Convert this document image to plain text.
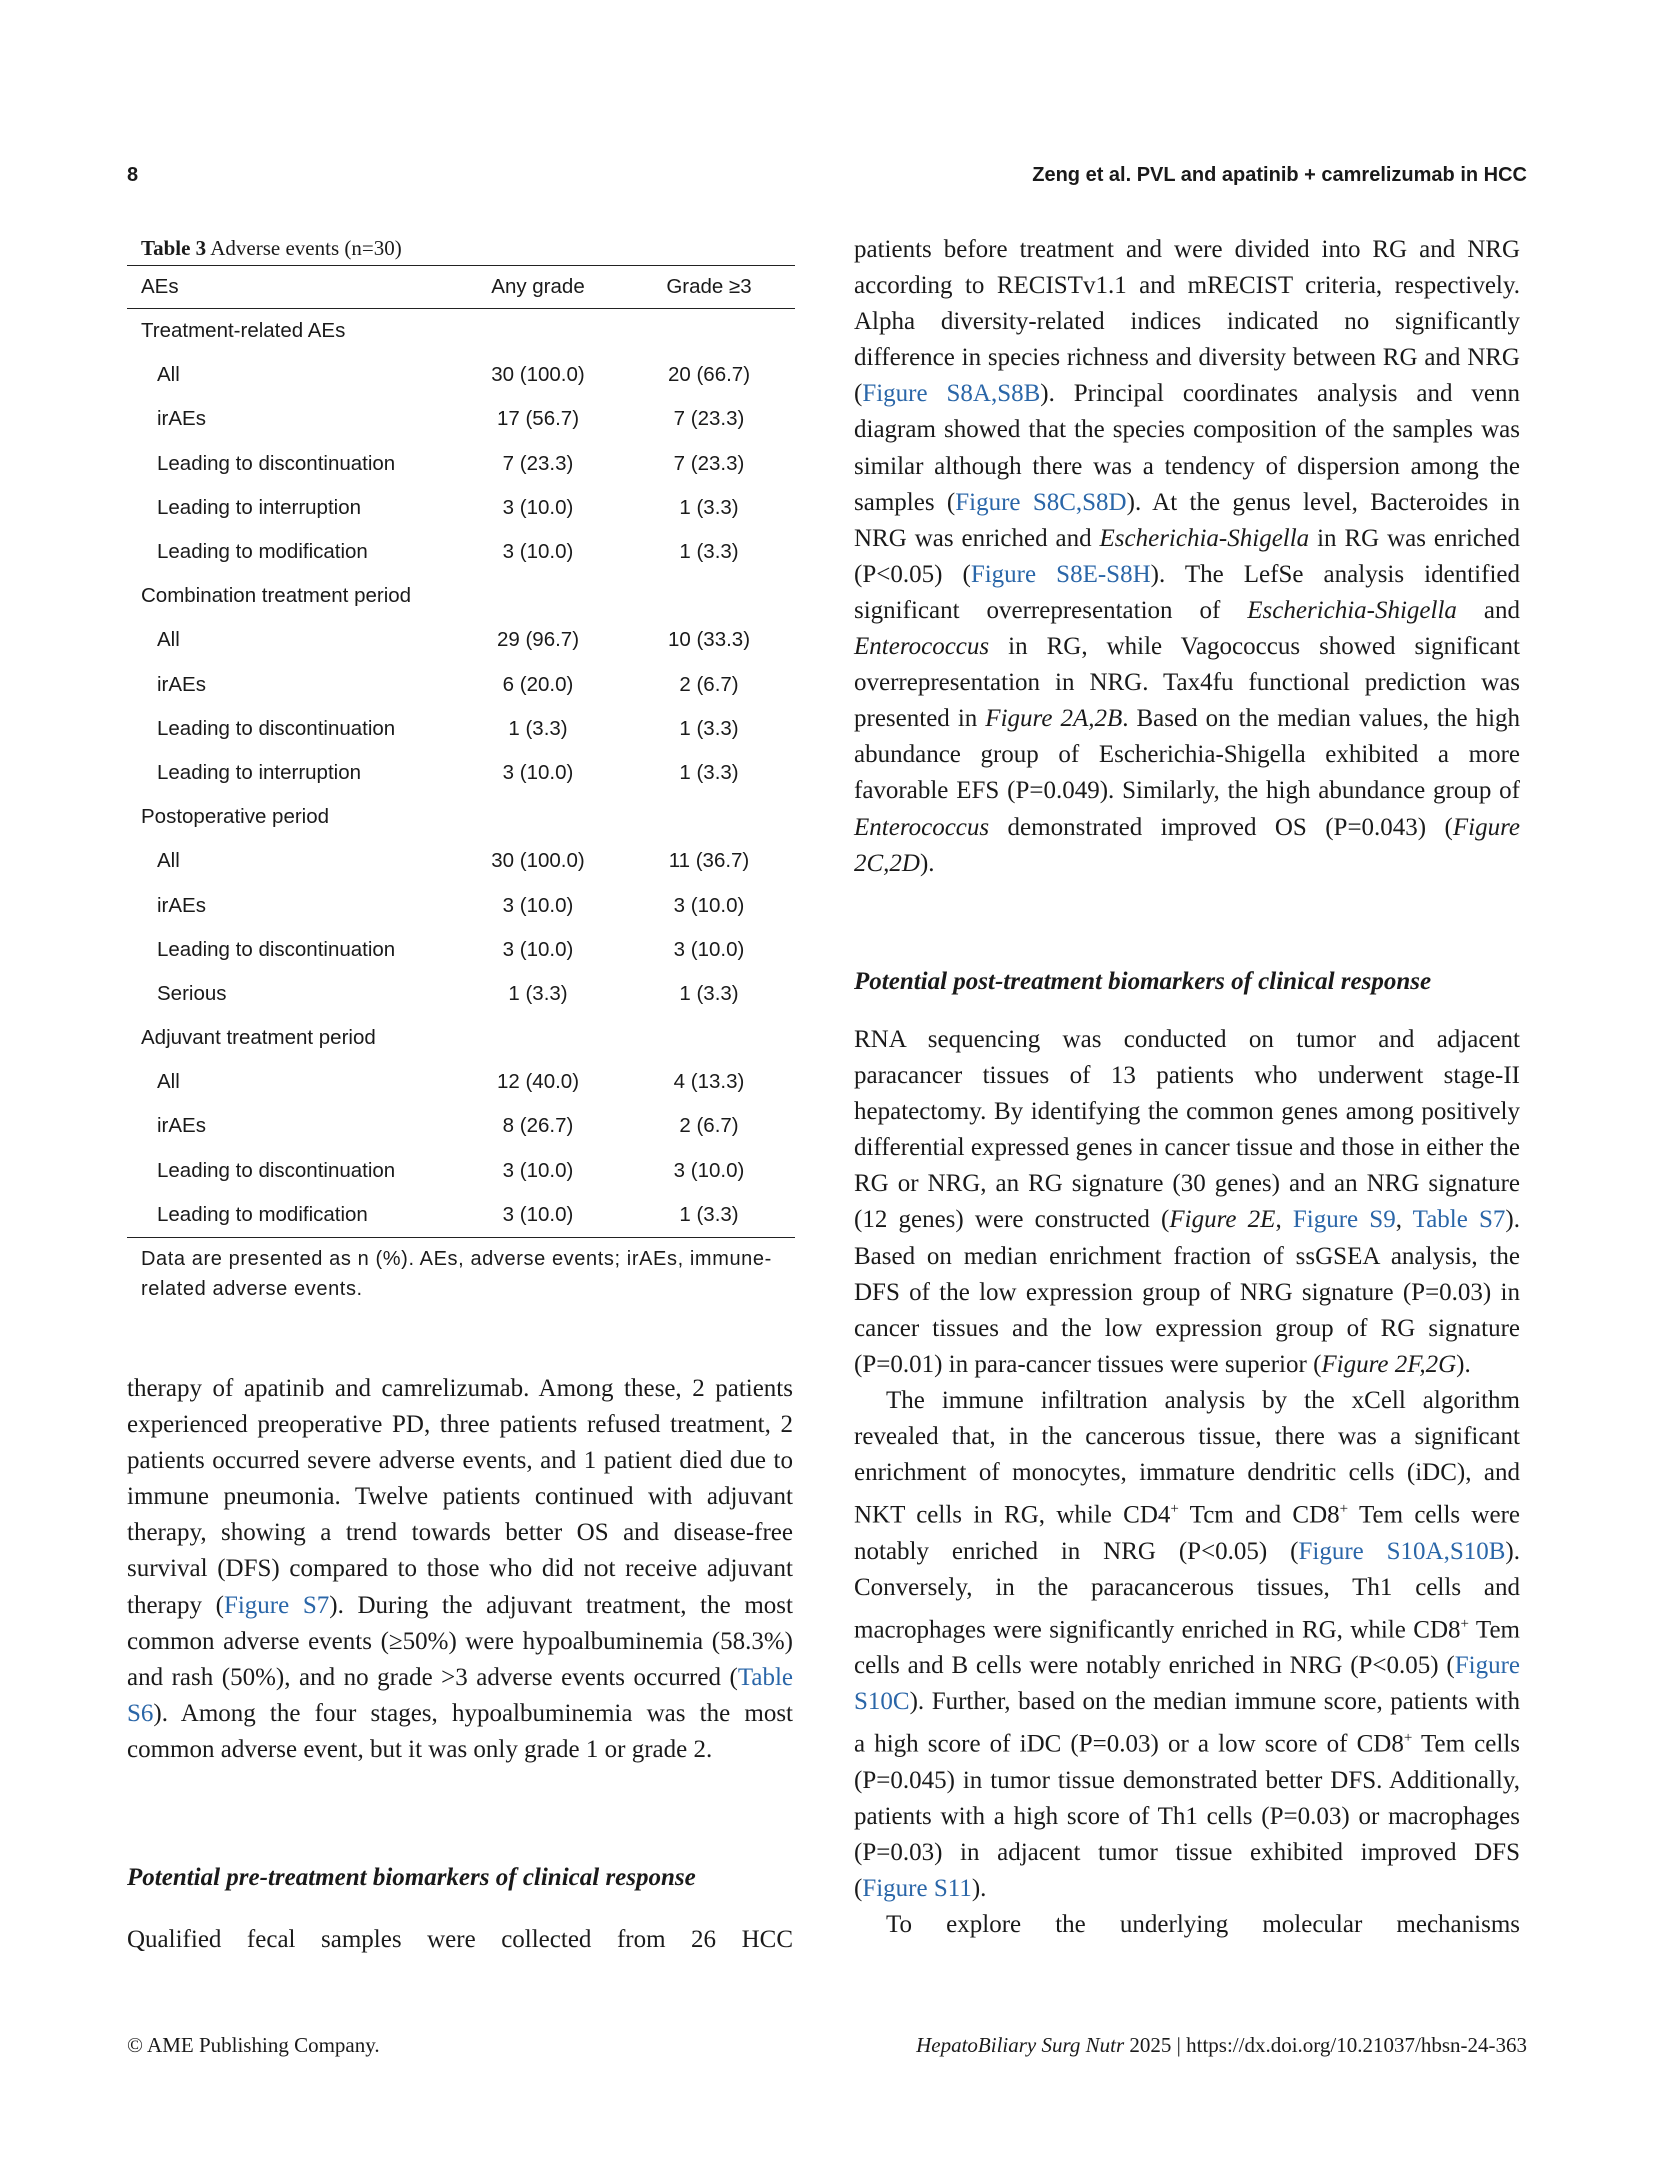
8	Zeng et al. PVL and apatinib + camrelizumab in HCC
Table 3 Adverse events (n=30)
AEs	Any grade	Grade ≥3
Treatment-related AEs		
All	30 (100.0)	20 (66.7)
irAEs	17 (56.7)	7 (23.3)
Leading to discontinuation	7 (23.3)	7 (23.3)
Leading to interruption	3 (10.0)	1 (3.3)
Leading to modification	3 (10.0)	1 (3.3)
Combination treatment period		
All	29 (96.7)	10 (33.3)
irAEs	6 (20.0)	2 (6.7)
Leading to discontinuation	1 (3.3)	1 (3.3)
Leading to interruption	3 (10.0)	1 (3.3)
Postoperative period		
All	30 (100.0)	11 (36.7)
irAEs	3 (10.0)	3 (10.0)
Leading to discontinuation	3 (10.0)	3 (10.0)
Serious	1 (3.3)	1 (3.3)
Adjuvant treatment period		
All	12 (40.0)	4 (13.3)
irAEs	8 (26.7)	2 (6.7)
Leading to discontinuation	3 (10.0)	3 (10.0)
Leading to modification	3 (10.0)	1 (3.3)
Data are presented as n (%). AEs, adverse events; irAEs, immune-related adverse events.

therapy of apatinib and camrelizumab. Among these, 2 patients experienced preoperative PD, three patients refused treatment, 2 patients occurred severe adverse events, and 1 patient died due to immune pneumonia. Twelve patients continued with adjuvant therapy, showing a trend towards better OS and disease-free survival (DFS) compared to those who did not receive adjuvant therapy (Figure S7). During the adjuvant treatment, the most common adverse events (≥50%) were hypoalbuminemia (58.3%) and rash (50%), and no grade >3 adverse events occurred (Table S6). Among the four stages, hypoalbuminemia was the most common adverse event, but it was only grade 1 or grade 2.

Potential pre-treatment biomarkers of clinical response

Qualified fecal samples were collected from 26 HCC

patients before treatment and were divided into RG and NRG according to RECISTv1.1 and mRECIST criteria, respectively. Alpha diversity-related indices indicated no significantly difference in species richness and diversity between RG and NRG (Figure S8A,S8B). Principal coordinates analysis and venn diagram showed that the species composition of the samples was similar although there was a tendency of dispersion among the samples (Figure S8C,S8D). At the genus level, Bacteroides in NRG was enriched and Escherichia-Shigella in RG was enriched (P<0.05) (Figure S8E-S8H). The LefSe analysis identified significant overrepresentation of Escherichia-Shigella and Enterococcus in RG, while Vagococcus showed significant overrepresentation in NRG. Tax4fu functional prediction was presented in Figure 2A,2B. Based on the median values, the high abundance group of Escherichia-Shigella exhibited a more favorable EFS (P=0.049). Similarly, the high abundance group of Enterococcus demonstrated improved OS (P=0.043) (Figure 2C,2D).

Potential post-treatment biomarkers of clinical response

RNA sequencing was conducted on tumor and adjacent paracancer tissues of 13 patients who underwent stage-II hepatectomy. By identifying the common genes among positively differential expressed genes in cancer tissue and those in either the RG or NRG, an RG signature (30 genes) and an NRG signature (12 genes) were constructed (Figure 2E, Figure S9, Table S7). Based on median enrichment fraction of ssGSEA analysis, the DFS of the low expression group of NRG signature (P=0.03) in cancer tissues and the low expression group of RG signature (P=0.01) in para-cancer tissues were superior (Figure 2F,2G).

The immune infiltration analysis by the xCell algorithm revealed that, in the cancerous tissue, there was a significant enrichment of monocytes, immature dendritic cells (iDC), and NKT cells in RG, while CD4+ Tcm and CD8+ Tem cells were notably enriched in NRG (P<0.05) (Figure S10A,S10B). Conversely, in the paracancerous tissues, Th1 cells and macrophages were significantly enriched in RG, while CD8+ Tem cells and B cells were notably enriched in NRG (P<0.05) (Figure S10C). Further, based on the median immune score, patients with a high score of iDC (P=0.03) or a low score of CD8+ Tem cells (P=0.045) in tumor tissue demonstrated better DFS. Additionally, patients with a high score of Th1 cells (P=0.03) or macrophages (P=0.03) in adjacent tumor tissue exhibited improved DFS (Figure S11).

To explore the underlying molecular mechanisms

© AME Publishing Company.	HepatoBiliary Surg Nutr 2025 | https://dx.doi.org/10.21037/hbsn-24-363
